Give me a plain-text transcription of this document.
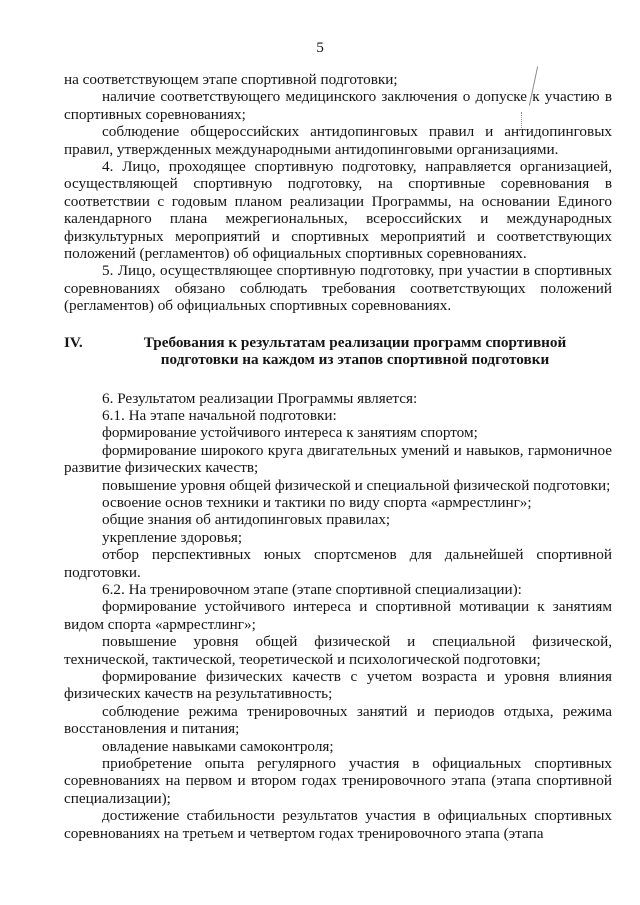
5

на соответствующем этапе спортивной подготовки;

наличие соответствующего медицинского заключения о допуске к участию в спортивных соревнованиях;

соблюдение общероссийских антидопинговых правил и антидопинговых правил, утвержденных международными антидопинговыми организациями.

4. Лицо, проходящее спортивную подготовку, направляется организацией, осуществляющей спортивную подготовку, на спортивные соревнования в соответствии с годовым планом реализации Программы, на основании Единого календарного плана межрегиональных, всероссийских и международных физкультурных мероприятий и спортивных мероприятий и соответствующих положений (регламентов) об официальных спортивных соревнованиях.

5. Лицо, осуществляющее спортивную подготовку, при участии в спортивных соревнованиях обязано соблюдать требования соответствующих положений (регламентов) об официальных спортивных соревнованиях.

IV.	Требования к результатам реализации программ спортивной подготовки на каждом из этапов спортивной подготовки

6. Результатом реализации Программы является:

6.1. На этапе начальной подготовки:

формирование устойчивого интереса к занятиям спортом;

формирование широкого круга двигательных умений и навыков, гармоничное развитие физических качеств;

повышение уровня общей физической и специальной физической подготовки;

освоение основ техники и тактики по виду спорта «армрестлинг»;

общие знания об антидопинговых правилах;

укрепление здоровья;

отбор перспективных юных спортсменов для дальнейшей спортивной подготовки.

6.2. На тренировочном этапе (этапе спортивной специализации):

формирование устойчивого интереса и спортивной мотивации к занятиям видом спорта «армрестлинг»;

повышение уровня общей физической и специальной физической, технической, тактической, теоретической и психологической подготовки;

формирование физических качеств с учетом возраста и уровня влияния физических качеств на результативность;

соблюдение режима тренировочных занятий и периодов отдыха, режима восстановления и питания;

овладение навыками самоконтроля;

приобретение опыта регулярного участия в официальных спортивных соревнованиях на первом и втором годах тренировочного этапа (этапа спортивной специализации);

достижение стабильности результатов участия в официальных спортивных соревнованиях на третьем и четвертом годах тренировочного этапа (этапа
